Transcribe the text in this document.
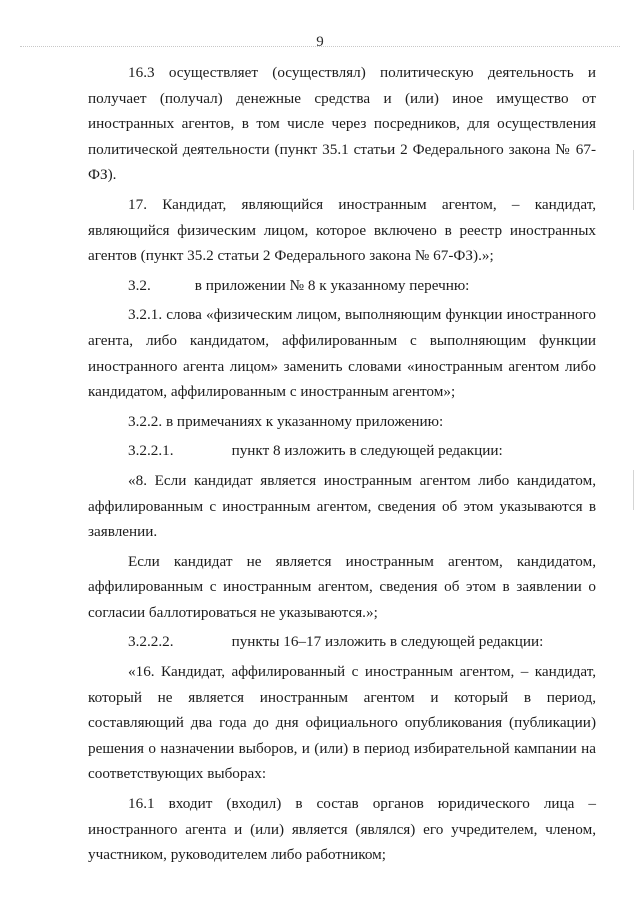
9

16.3 осуществляет (осуществлял) политическую деятельность и получает (получал) денежные средства и (или) иное имущество от иностранных агентов, в том числе через посредников, для осуществления политической деятельности (пункт 35.1 статьи 2 Федерального закона № 67-ФЗ).

17. Кандидат, являющийся иностранным агентом, – кандидат, являющийся физическим лицом, которое включено в реестр иностранных агентов (пункт 35.2 статьи 2 Федерального закона № 67-ФЗ).»;

3.2.	в приложении № 8 к указанному перечню:

3.2.1. слова «физическим лицом, выполняющим функции иностранного агента, либо кандидатом, аффилированным с выполняющим функции иностранного агента лицом» заменить словами «иностранным агентом либо кандидатом, аффилированным с иностранным агентом»;

3.2.2. в примечаниях к указанному приложению:

3.2.2.1.	пункт 8 изложить в следующей редакции:

«8. Если кандидат является иностранным агентом либо кандидатом, аффилированным с иностранным агентом, сведения об этом указываются в заявлении.

Если кандидат не является иностранным агентом, кандидатом, аффилированным с иностранным агентом, сведения об этом в заявлении о согласии баллотироваться не указываются.»;

3.2.2.2.	пункты 16–17 изложить в следующей редакции:

«16. Кандидат, аффилированный с иностранным агентом, – кандидат, который не является иностранным агентом и который в период, составляющий два года до дня официального опубликования (публикации) решения о назначении выборов, и (или) в период избирательной кампании на соответствующих выборах:

16.1 входит (входил) в состав органов юридического лица – иностранного агента и (или) является (являлся) его учредителем, членом, участником, руководителем либо работником;
